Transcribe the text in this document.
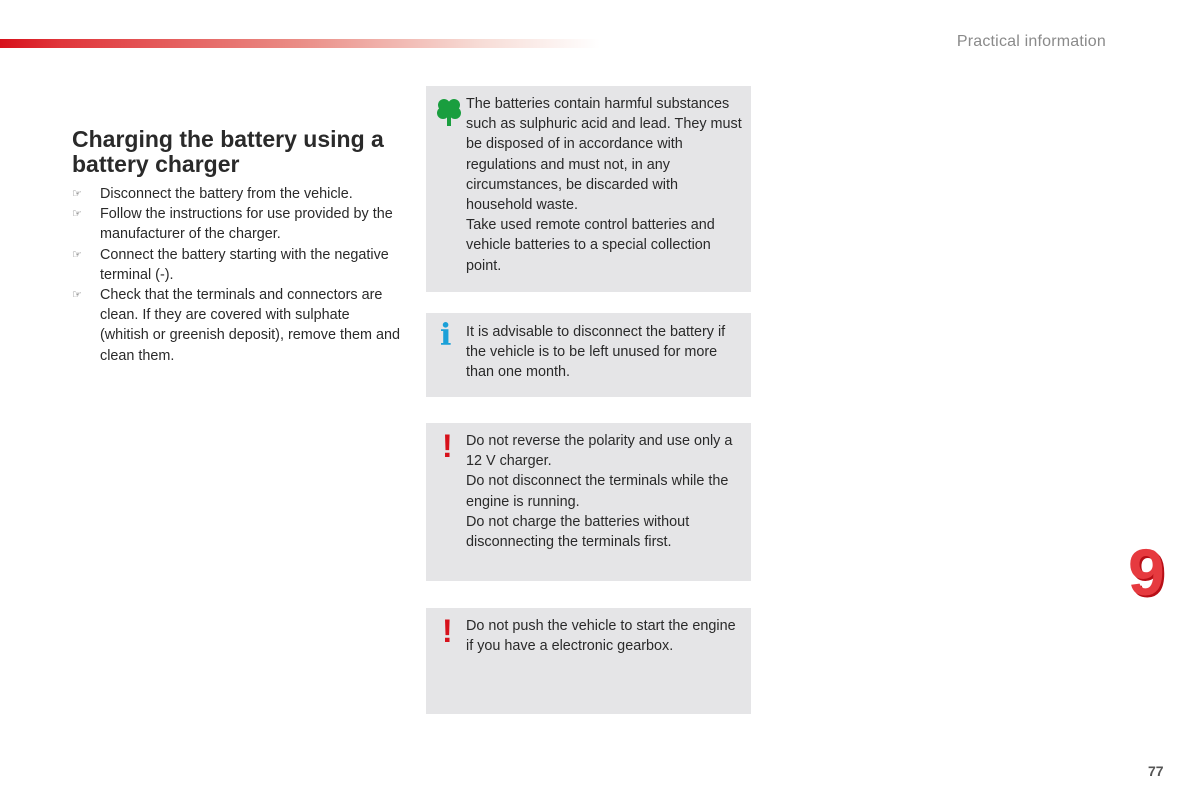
Practical information
Charging the battery using a battery charger
☞ Disconnect the battery from the vehicle.
☞ Follow the instructions for use provided by the manufacturer of the charger.
☞ Connect the battery starting with the negative terminal (-).
☞ Check that the terminals and connectors are clean. If they are covered with sulphate (whitish or greenish deposit), remove them and clean them.

The batteries contain harmful substances such as sulphuric acid and lead. They must be disposed of in accordance with regulations and must not, in any circumstances, be discarded with household waste.

Take used remote control batteries and vehicle batteries to a special collection point.

i It is advisable to disconnect the battery if the vehicle is to be left unused for more than one month.

! Do not reverse the polarity and use only a 12 V charger.

Do not disconnect the terminals while the engine is running.

Do not charge the batteries without disconnecting the terminals first.

! Do not push the vehicle to start the engine if you have a electronic gearbox.

9
77
